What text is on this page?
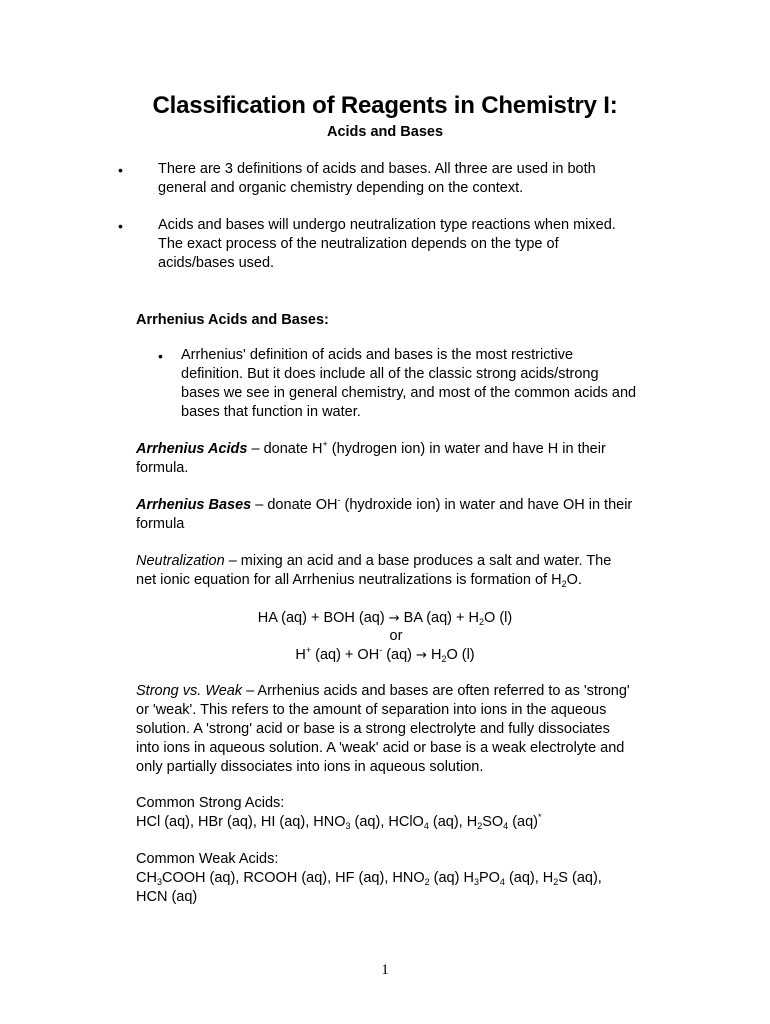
Classification of Reagents in Chemistry I:
Acids and Bases
• There are 3 definitions of acids and bases. All three are used in both
general and organic chemistry depending on the context.
• Acids and bases will undergo neutralization type reactions when mixed.
The exact process of the neutralization depends on the type of
acids/bases used.
Arrhenius Acids and Bases:
• Arrhenius' definition of acids and bases is the most restrictive
definition. But it does include all of the classic strong acids/strong
bases we see in general chemistry, and most of the common acids and
bases that function in water.
Arrhenius Acids – donate H+ (hydrogen ion) in water and have H in their
formula.
Arrhenius Bases – donate OH- (hydroxide ion) in water and have OH in their
formula
Neutralization – mixing an acid and a base produces a salt and water. The
net ionic equation for all Arrhenius neutralizations is formation of $H_2O$.
HA (aq) + BOH (aq) → BA $(aq) + H_2O$ (l)
or
H+ (aq) + OH- $(aq) \to H_2O$ (l)
Strong vs. Weak – Arrhenius acids and bases are often referred to as 'strong'
or 'weak'. This refers to the amount of separation into ions in the aqueous
solution. A 'strong' acid or base is a strong electrolyte and fully dissociates
into ions in aqueous solution. A 'weak' acid or base is a weak electrolyte and
only partially dissociates into ions in aqueous solution.
Common Strong Acids:
HCl (aq), HBr (aq), HI (aq), $HNO_3$ (aq), HClO$_4$ (aq), $H_2SO_4$ (aq)*
Common Weak Acids:
$CH_3COOH$ (aq), RCOOH (aq), HF (aq), $HNO_2$ (aq) $H_3PO_4$ (aq), $H_2S$ (aq),
HCN (aq)
1
